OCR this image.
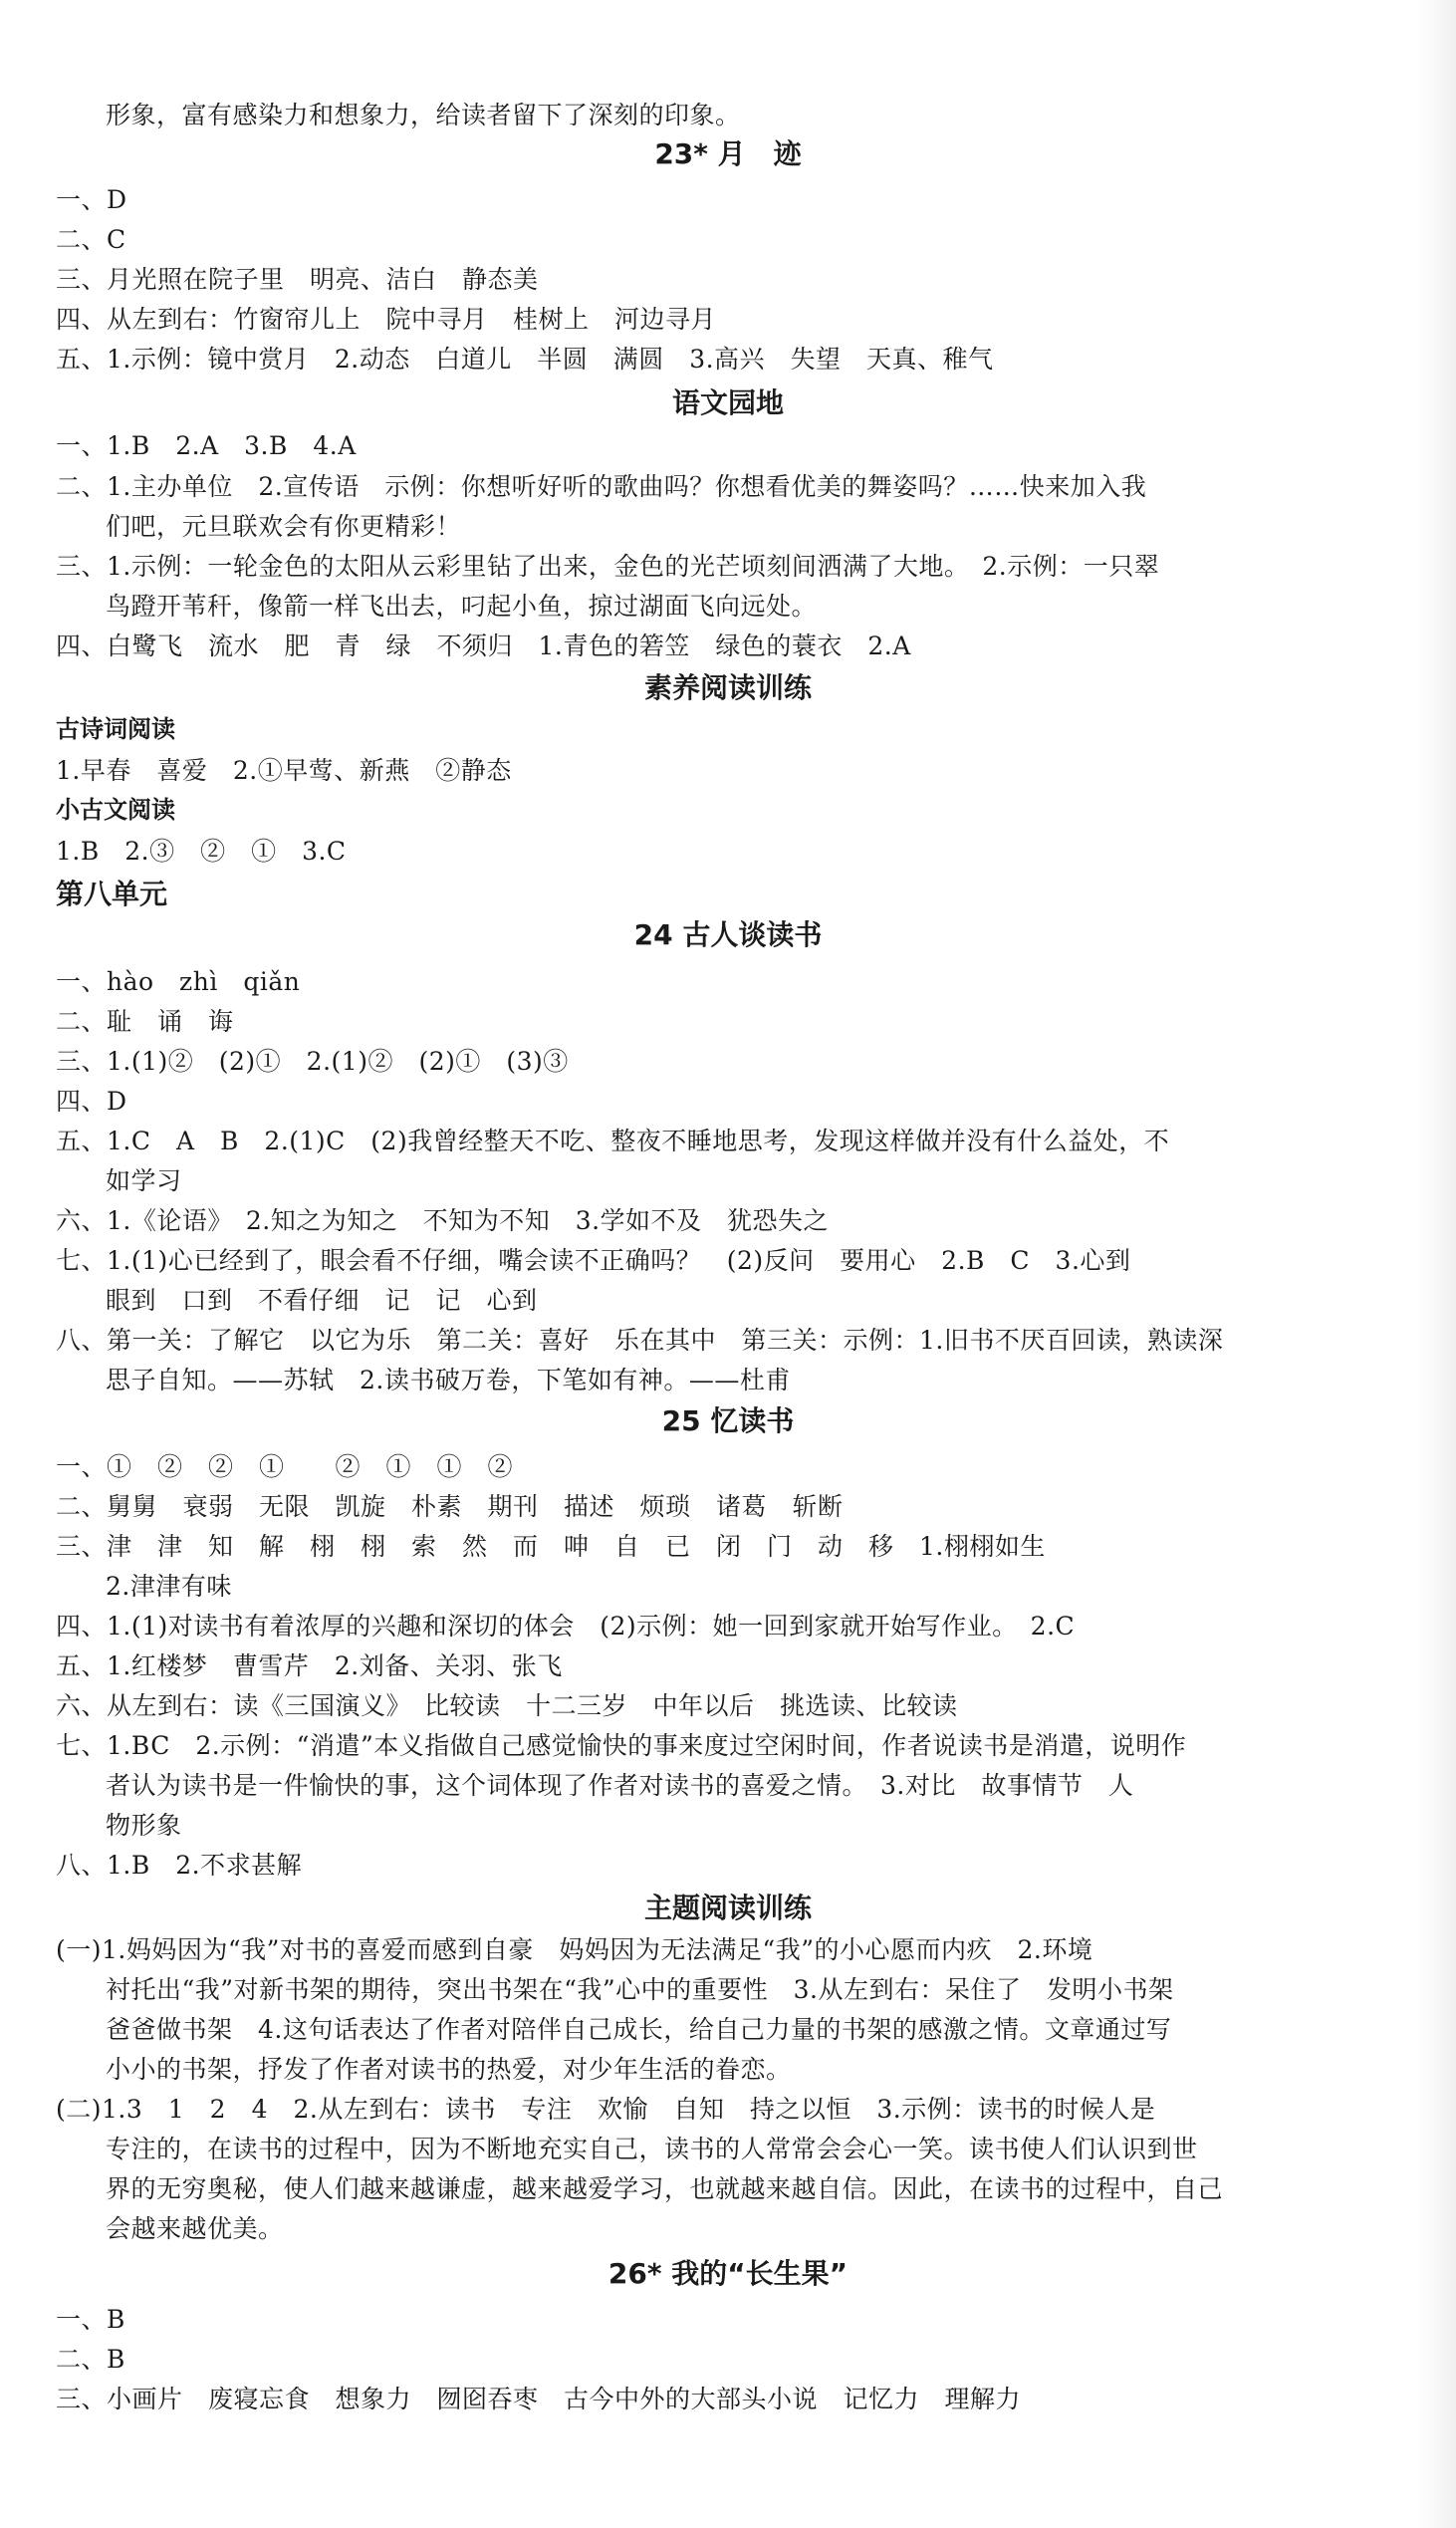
形象，富有感染力和想象力，给读者留下了深刻的印象。
23* 月　迹
一、D
二、C
三、月光照在院子里　明亮、洁白　静态美
四、从左到右：竹窗帘儿上　院中寻月　桂树上　河边寻月
五、1.示例：镜中赏月　2.动态　白道儿　半圆　满圆　3.高兴　失望　天真、稚气
语文园地
一、1.B　2.A　3.B　4.A
二、1.主办单位　2.宣传语　示例：你想听好听的歌曲吗？你想看优美的舞姿吗？……快来加入我
们吧，元旦联欢会有你更精彩！
三、1.示例：一轮金色的太阳从云彩里钻了出来，金色的光芒顷刻间洒满了大地。　2.示例：一只翠
鸟蹬开苇秆，像箭一样飞出去，叼起小鱼，掠过湖面飞向远处。
四、白鹭飞　流水　肥　青　绿　不须归　1.青色的箬笠　绿色的蓑衣　2.A
素养阅读训练
古诗词阅读
1.早春　喜爱　2.①早莺、新燕　②静态
小古文阅读
1.B　2.③　②　①　3.C
第八单元
24 古人谈读书
一、hào　zhì　qiǎn
二、耻　诵　诲
三、1.(1)②　(2)①　2.(1)②　(2)①　(3)③
四、D
五、1.C　A　B　2.(1)C　(2)我曾经整天不吃、整夜不睡地思考，发现这样做并没有什么益处，不
如学习
六、1.《论语》　2.知之为知之　不知为不知　3.学如不及　犹恐失之
七、1.(1)心已经到了，眼会看不仔细，嘴会读不正确吗？　(2)反问　要用心　2.B　C　3.心到
眼到　口到　不看仔细　记　记　心到
八、第一关：了解它　以它为乐　第二关：喜好　乐在其中　第三关：示例：1.旧书不厌百回读，熟读深
思子自知。——苏轼　2.读书破万卷，下笔如有神。——杜甫
25 忆读书
一、①　②　②　①　　②　①　①　②
二、舅舅　衰弱　无限　凯旋　朴素　期刊　描述　烦琐　诸葛　斩断
三、津　津　知　解　栩　栩　索　然　而　呻　自　已　闭　门　动　移　1.栩栩如生
2.津津有味
四、1.(1)对读书有着浓厚的兴趣和深切的体会　(2)示例：她一回到家就开始写作业。　2.C
五、1.红楼梦　曹雪芹　2.刘备、关羽、张飞
六、从左到右：读《三国演义》　比较读　十二三岁　中年以后　挑选读、比较读
七、1.BC　2.示例：“消遣”本义指做自己感觉愉快的事来度过空闲时间，作者说读书是消遣，说明作
者认为读书是一件愉快的事，这个词体现了作者对读书的喜爱之情。　3.对比　故事情节　人
物形象
八、1.B　2.不求甚解
主题阅读训练
(一)1.妈妈因为“我”对书的喜爱而感到自豪　妈妈因为无法满足“我”的小心愿而内疚　2.环境
衬托出“我”对新书架的期待，突出书架在“我”心中的重要性　3.从左到右：呆住了　发明小书架
爸爸做书架　4.这句话表达了作者对陪伴自己成长，给自己力量的书架的感激之情。文章通过写
小小的书架，抒发了作者对读书的热爱，对少年生活的眷恋。
(二)1.3　1　2　4　2.从左到右：读书　专注　欢愉　自知　持之以恒　3.示例：读书的时候人是
专注的，在读书的过程中，因为不断地充实自己，读书的人常常会会心一笑。读书使人们认识到世
界的无穷奥秘，使人们越来越谦虚，越来越爱学习，也就越来越自信。因此，在读书的过程中，自己
会越来越优美。
26* 我的“长生果”
一、B
二、B
三、小画片　废寝忘食　想象力　囫囵吞枣　古今中外的大部头小说　记忆力　理解力
